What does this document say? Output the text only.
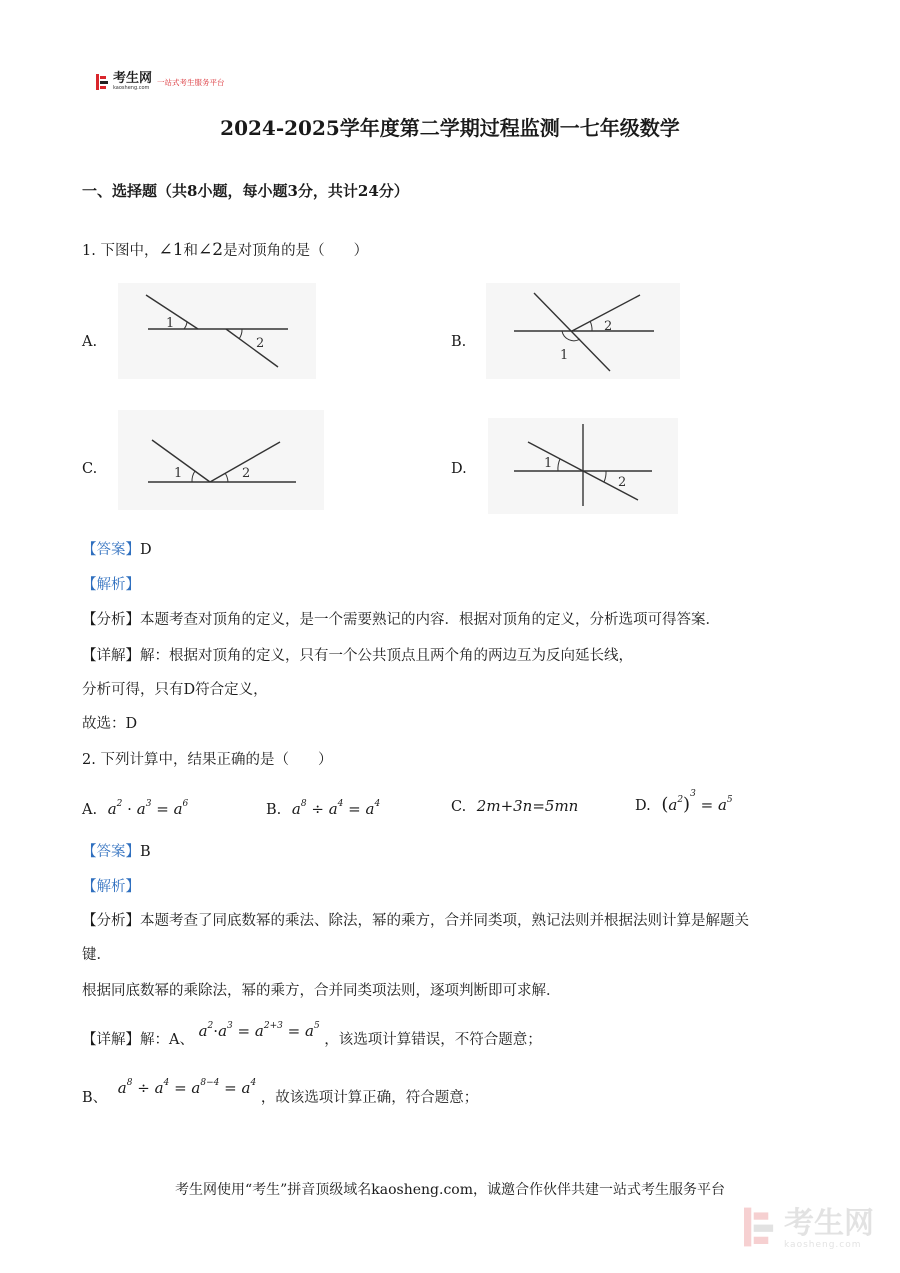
考生网
kaosheng.com
一站式考生服务平台
2024-2025学年度第二学期过程监测一七年级数学
一、选择题（共8小题，每小题3分，共计24分）
1. 下图中，∠1和∠2是对顶角的是（　　）
A.
1
2	B.
2
1
C.	1	2	D.	1
2
【答案】D
【解析】
【分析】本题考查对顶角的定义，是一个需要熟记的内容．根据对顶角的定义，分析选项可得答案．
【详解】解：根据对顶角的定义，只有一个公共顶点且两个角的两边互为反向延长线，
分析可得，只有D符合定义，
故选：D
2. 下列计算中，结果正确的是（　　）
A. $a^2 \cdot a^3 = a^6$	B. $a^8 \div a^4 = a^4$	C. 2m+3n=5mn	D. $(a^2)^3 = a^5$
【答案】B
【解析】
【分析】本题考查了同底数幂的乘法、除法，幂的乘方，合并同类项，熟记法则并根据法则计算是解题关
键．
根据同底数幂的乘除法，幂的乘方，合并同类项法则，逐项判断即可求解．
【详解】解：A、 $a^2\cdot a^3 = a^{2+3} = a^5$ ，该选项计算错误，不符合题意；
B、 $a^8 \div a^4 = a^{8-4} = a^4$ ，故该选项计算正确，符合题意；
考生网使用“考生”拼音顶级域名kaosheng.com，诚邀合作伙伴共建一站式考生服务平台
考生网
kaosheng.com
